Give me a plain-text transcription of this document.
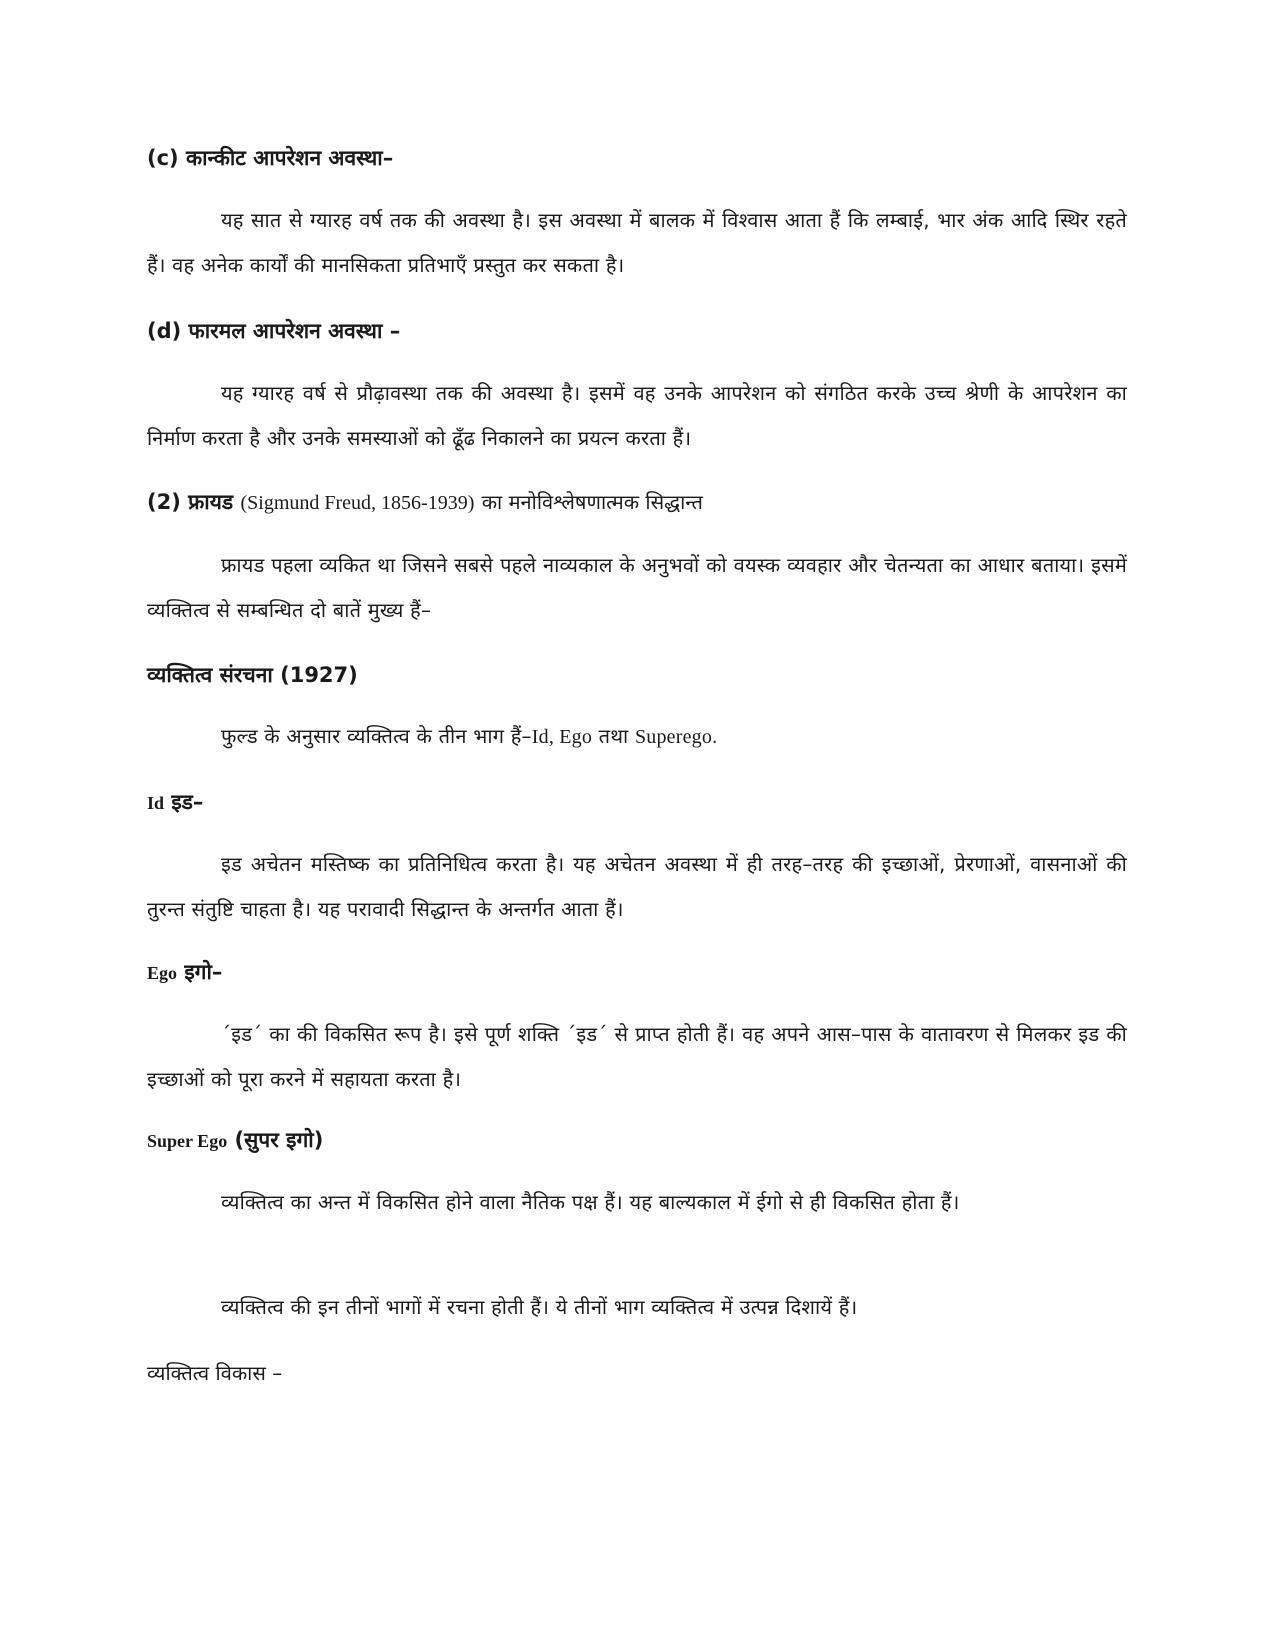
(c) कान्कीट आपरेशन अवस्था–
यह सात से ग्यारह वर्ष तक की अवस्था है। इस अवस्था में बालक में विश्वास आता हैं कि लम्बाई, भार अंक आदि स्थिर रहते हैं। वह अनेक कार्यों की मानसिकता प्रतिभाएँ प्रस्तुत कर सकता है।
(d) फारमल आपरेशन अवस्था –
यह ग्यारह वर्ष से प्रौढ़ावस्था तक की अवस्था है। इसमें वह उनके आपरेशन को संगठित करके उच्च श्रेणी के आपरेशन का निर्माण करता है और उनके समस्याओं को ढूँढ निकालने का प्रयत्न करता हैं।
(2) फ्रायड (Sigmund Freud, 1856-1939) का मनोविश्लेषणात्मक सिद्धान्त
फ्रायड पहला व्यकित था जिसने सबसे पहले नाव्यकाल के अनुभवों को वयस्क व्यवहार और चेतन्यता का आधार बताया। इसमें व्यक्तित्व से सम्बन्धित दो बातें मुख्य हैं–
व्यक्तित्व संरचना (1927)
फुल्ड के अनुसार व्यक्तित्व के तीन भाग हैं–Id, Ego तथा Superego.
Id इड–
इड अचेतन मस्तिष्क का प्रतिनिधित्व करता है। यह अचेतन अवस्था में ही तरह–तरह की इच्छाओं, प्रेरणाओं, वासनाओं की तुरन्त संतुष्टि चाहता है। यह परावादी सिद्धान्त के अन्तर्गत आता हैं।
Ego इगो–
´इड´ का की विकसित रूप है। इसे पूर्ण शक्ति ´इड´ से प्राप्त होती हैं। वह अपने आस–पास के वातावरण से मिलकर इड की इच्छाओं को पूरा करने में सहायता करता है।
Super Ego (सुपर इगो)
व्यक्तित्व का अन्त में विकसित होने वाला नैतिक पक्ष हैं। यह बाल्यकाल में ईगो से ही विकसित होता हैं।
व्यक्तित्व की इन तीनों भागों में रचना होती हैं। ये तीनों भाग व्यक्तित्व में उत्पन्न दिशायें हैं।
व्यक्तित्व विकास –
